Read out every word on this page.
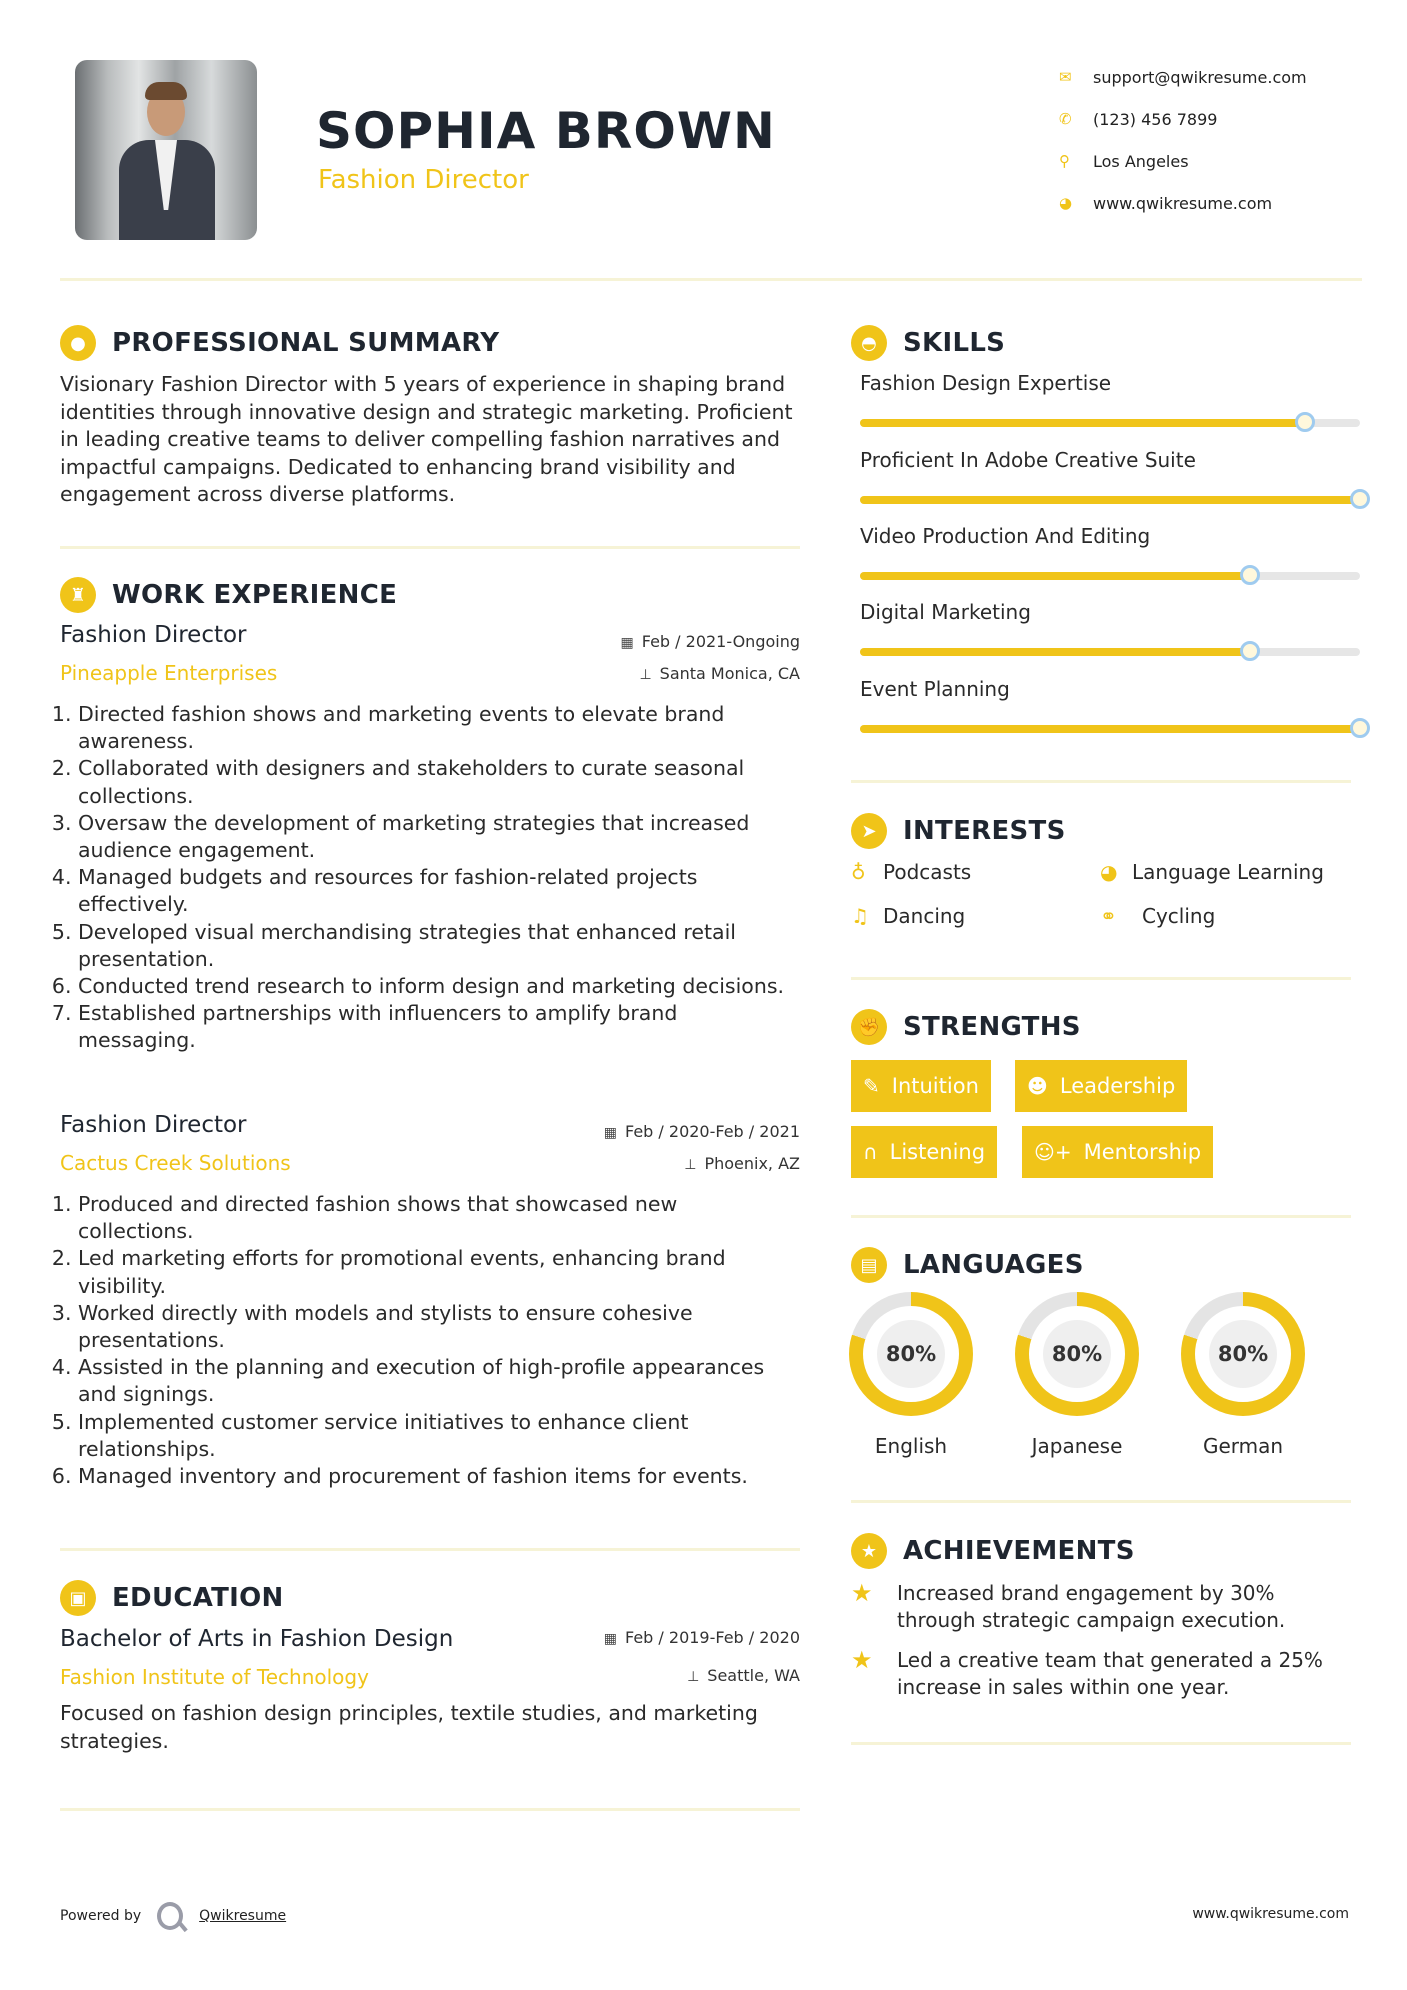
SOPHIA BROWN
Fashion Director
✉	support@qwikresume.com
✆	(123) 456 7899
⚲	Los Angeles
◕	www.qwikresume.com
●	PROFESSIONAL SUMMARY
Visionary Fashion Director with 5 years of experience in shaping brand identities through innovative design and strategic marketing. Proficient in leading creative teams to deliver compelling fashion narratives and impactful campaigns. Dedicated to enhancing brand visibility and engagement across diverse platforms.
♜ WORK EXPERIENCE
Fashion Director
Pineapple Enterprises
▦ Feb / 2021-Ongoing
⊥ Santa Monica, CA
1. Directed fashion shows and marketing events to elevate brand awareness.
2. Collaborated with designers and stakeholders to curate seasonal collections.
3. Oversaw the development of marketing strategies that increased audience engagement.
4. Managed budgets and resources for fashion-related projects effectively.
5. Developed visual merchandising strategies that enhanced retail presentation.
6. Conducted trend research to inform design and marketing decisions.
7. Established partnerships with influencers to amplify brand messaging.
Fashion Director
Cactus Creek Solutions
▦ Feb / 2020-Feb / 2021
⊥ Phoenix, AZ
1. Produced and directed fashion shows that showcased new collections.
2. Led marketing efforts for promotional events, enhancing brand visibility.
3. Worked directly with models and stylists to ensure cohesive presentations.
4. Assisted in the planning and execution of high-profile appearances and signings.
5. Implemented customer service initiatives to enhance client relationships.
6. Managed inventory and procurement of fashion items for events.
▣ EDUCATION
Bachelor of Arts in Fashion Design
Fashion Institute of Technology
▦ Feb / 2019-Feb / 2020
⊥ Seattle, WA
Focused on fashion design principles, textile studies, and marketing strategies.
◓	SKILLS
Fashion Design Expertise
Proficient In Adobe Creative Suite
Video Production And Editing
Digital Marketing
Event Planning
➤	INTERESTS
♁ Podcasts	◕ Language Learning
♫ Dancing	⚭	Cycling
✊ STRENGTHS
✎ Intuition ☻ Leadership
∩ Listening ☺+ Mentorship
▤ LANGUAGES
80%
English
80%
Japanese
80%
German
★ ACHIEVEMENTS
★	Increased brand engagement by 30% through strategic campaign execution.
★	Led a creative team that generated a 25% increase in sales within one year.
Powered by	Qwikresume	www.qwikresume.com
